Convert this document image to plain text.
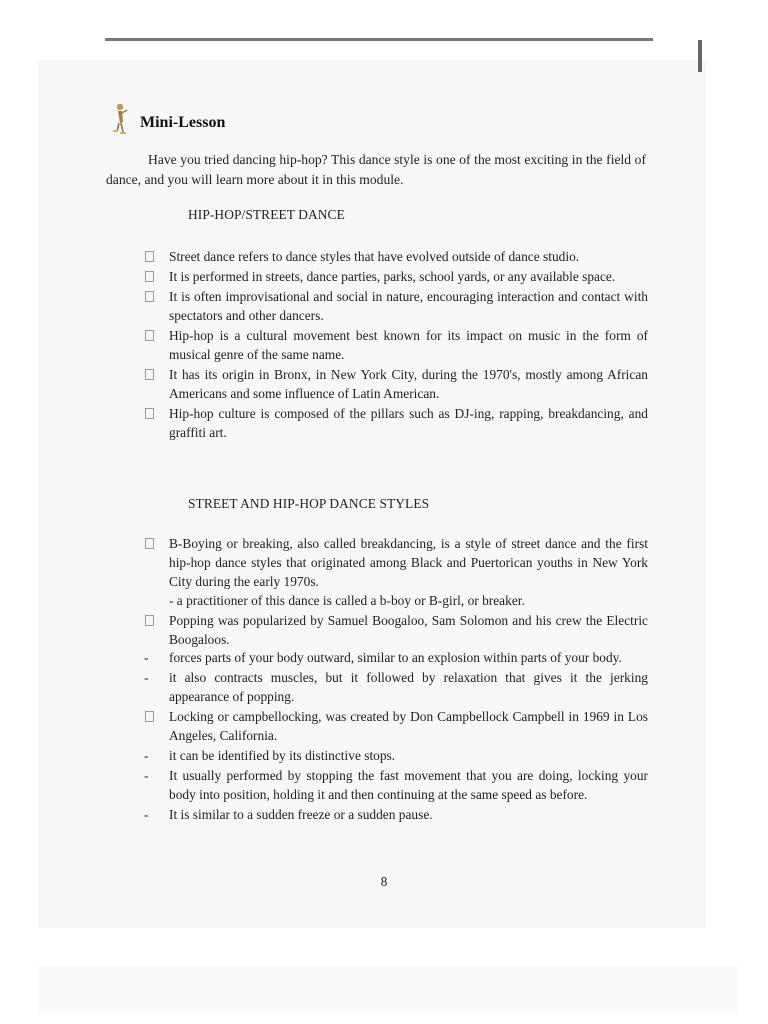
Mini-Lesson

Have you tried dancing hip-hop? This dance style is one of the most exciting in the field of dance, and you will learn more about it in this module.

HIP-HOP/STREET DANCE
Street dance refers to dance styles that have evolved outside of dance studio.
It is performed in streets, dance parties, parks, school yards, or any available space.
It is often improvisational and social in nature, encouraging interaction and contact with spectators and other dancers.
Hip-hop is a cultural movement best known for its impact on music in the form of musical genre of the same name.
It has its origin in Bronx, in New York City, during the 1970's, mostly among African Americans and some influence of Latin American.
Hip-hop culture is composed of the pillars such as DJ-ing, rapping, breakdancing, and graffiti art.
STREET AND HIP-HOP DANCE STYLES
B-Boying or breaking, also called breakdancing, is a style of street dance and the first hip-hop dance styles that originated among Black and Puertorican youths in New York City during the early 1970s.
- a practitioner of this dance is called a b-boy or B-girl, or breaker.
Popping was popularized by Samuel Boogaloo, Sam Solomon and his crew the Electric Boogaloos.
-	forces parts of your body outward, similar to an explosion within parts of your body.
-	it also contracts muscles, but it followed by relaxation that gives it the jerking appearance of popping.
Locking or campbellocking, was created by Don Campbellock Campbell in 1969 in Los Angeles, California.
-	it can be identified by its distinctive stops.
-	It usually performed by stopping the fast movement that you are doing, locking your body into position, holding it and then continuing at the same speed as before.
-	It is similar to a sudden freeze or a sudden pause.
8
